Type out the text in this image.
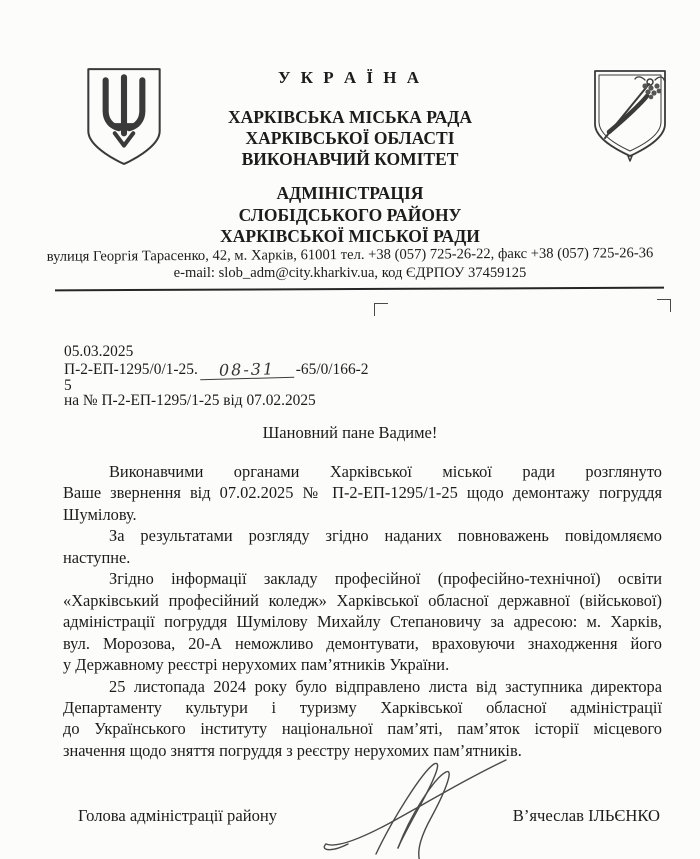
У К Р А Ї Н А
ХАРКІВСЬКА МІСЬКА РАДА
ХАРКІВСЬКОЇ ОБЛАСТІ
ВИКОНАВЧИЙ КОМІТЕТ
АДМІНІСТРАЦІЯ
СЛОБІДСЬКОГО РАЙОНУ
ХАРКІВСЬКОЇ МІСЬКОЇ РАДИ
вулиця Георгія Тарасенко, 42, м. Харків, 61001 тел. +38 (057) 725-26-22, факс +38 (057) 725-26-36
e-mail: slob_adm@city.kharkiv.ua, код ЄДРПОУ 37459125
05.03.2025
П-2-ЕП-1295/0/1-25.	08-31	-65/0/166-2
5
на № П-2-ЕП-1295/1-25 від 07.02.2025
Шановний пане Вадиме!
Виконавчими органами Харківської міської ради розглянуто
Ваше звернення від 07.02.2025 № П-2-ЕП-1295/1-25 щодо демонтажу погруддя
Шумілову.
За результатами розгляду згідно наданих повноважень повідомляємо
наступне.
Згідно інформації закладу професійної (професійно-технічної) освіти
«Харківський професійний коледж» Харківської обласної державної (військової)
адміністрації погруддя Шумілову Михайлу Степановичу за адресою: м. Харків,
вул. Морозова, 20-А неможливо демонтувати, враховуючи знаходження його
у Державному реєстрі нерухомих пам’ятників України.
25 листопада 2024 року було відправлено листа від заступника директора
Департаменту культури і туризму Харківської обласної адміністрації
до Українського інституту національної пам’яті, пам’яток історії місцевого
значення щодо зняття погруддя з реєстру нерухомих пам’ятників.
Голова адміністрації району	В’ячеслав ІЛЬЄНКО
